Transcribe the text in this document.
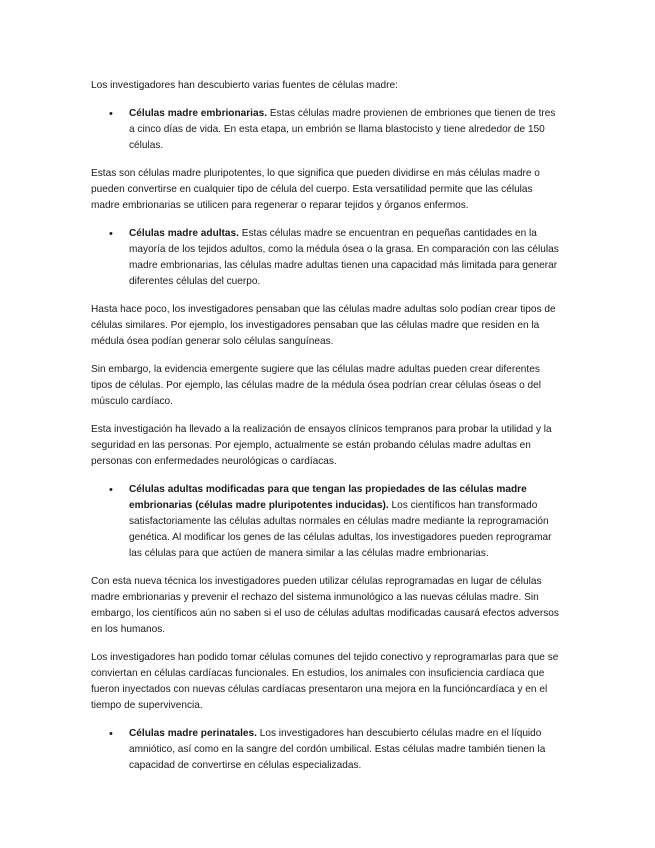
Los investigadores han descubierto varias fuentes de células madre:

• Células madre embrionarias. Estas células madre provienen de embriones que tienen de tres a cinco días de vida. En esta etapa, un embrión se llama blastocisto y tiene alrededor de 150 células.

Estas son células madre pluripotentes, lo que significa que pueden dividirse en más células madre o pueden convertirse en cualquier tipo de célula del cuerpo. Esta versatilidad permite que las células madre embrionarias se utilicen para regenerar o reparar tejidos y órganos enfermos.

• Células madre adultas. Estas células madre se encuentran en pequeñas cantidades en la mayoría de los tejidos adultos, como la médula ósea o la grasa. En comparación con las células madre embrionarias, las células madre adultas tienen una capacidad más limitada para generar diferentes células del cuerpo.

Hasta hace poco, los investigadores pensaban que las células madre adultas solo podían crear tipos de células similares. Por ejemplo, los investigadores pensaban que las células madre que residen en la médula ósea podían generar solo células sanguíneas.

Sin embargo, la evidencia emergente sugiere que las células madre adultas pueden crear diferentes tipos de células. Por ejemplo, las células madre de la médula ósea podrían crear células óseas o del músculo cardíaco.

Esta investigación ha llevado a la realización de ensayos clínicos tempranos para probar la utilidad y la seguridad en las personas. Por ejemplo, actualmente se están probando células madre adultas en personas con enfermedades neurológicas o cardíacas.

• Células adultas modificadas para que tengan las propiedades de las células madre embrionarias (células madre pluripotentes inducidas). Los científicos han transformado satisfactoriamente las células adultas normales en células madre mediante la reprogramación genética. Al modificar los genes de las células adultas, los investigadores pueden reprogramar las células para que actúen de manera similar a las células madre embrionarias.

Con esta nueva técnica los investigadores pueden utilizar células reprogramadas en lugar de células madre embrionarias y prevenir el rechazo del sistema inmunológico a las nuevas células madre. Sin embargo, los científicos aún no saben si el uso de células adultas modificadas causará efectos adversos en los humanos.

Los investigadores han podido tomar células comunes del tejido conectivo y reprogramarlas para que se conviertan en células cardíacas funcionales. En estudios, los animales con insuficiencia cardíaca que fueron inyectados con nuevas células cardíacas presentaron una mejora en la funcióncardíaca y en el tiempo de supervivencia.

• Células madre perinatales. Los investigadores han descubierto células madre en el líquido amniótico, así como en la sangre del cordón umbilical. Estas células madre también tienen la capacidad de convertirse en células especializadas.
